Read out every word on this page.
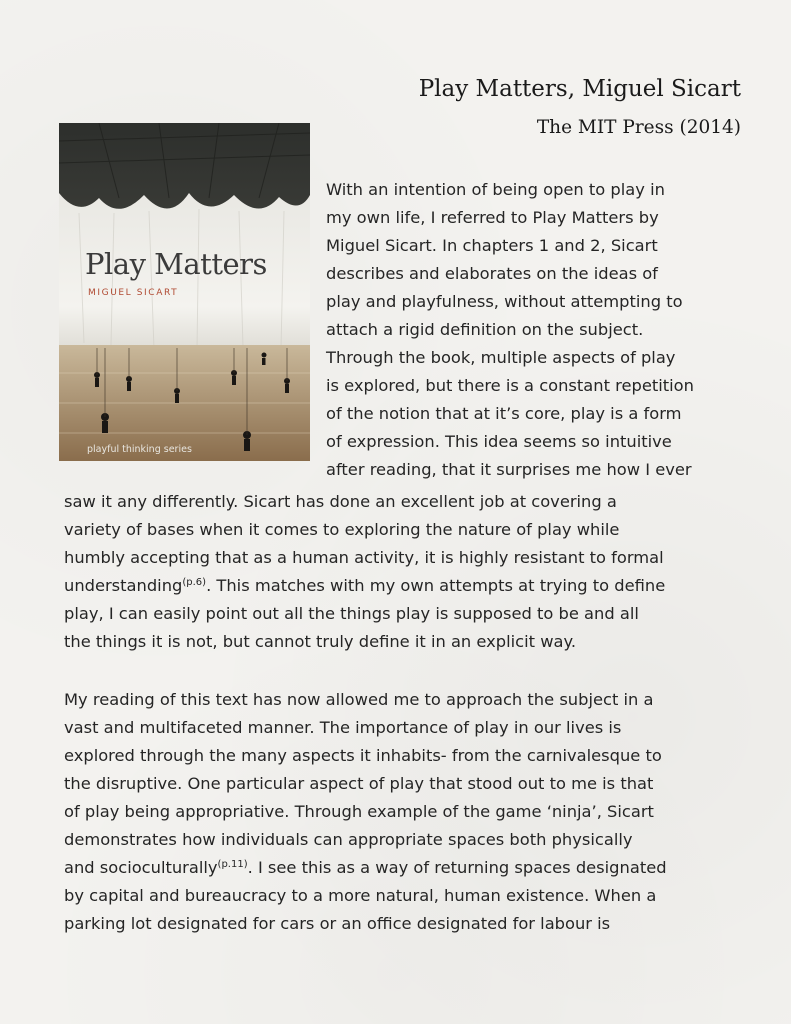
Play Matters, Miguel Sicart
The MIT Press (2014)
Play Matters
MIGUEL SICART
playful thinking series
With an intention of being open to play in
my own life, I referred to Play Matters by
Miguel Sicart. In chapters 1 and 2, Sicart
describes and elaborates on the ideas of
play and playfulness, without attempting to
attach a rigid definition on the subject.
Through the book, multiple aspects of play
is explored, but there is a constant repetition
of the notion that at it’s core, play is a form
of expression. This idea seems so intuitive
after reading, that it surprises me how I ever
saw it any differently. Sicart has done an excellent job at covering a
variety of bases when it comes to exploring the nature of play while
humbly accepting that as a human activity, it is highly resistant to formal
understanding$^{(p.6)}$. This matches with my own attempts at trying to define
play, I can easily point out all the things play is supposed to be and all
the things it is not, but cannot truly define it in an explicit way.
My reading of this text has now allowed me to approach the subject in a
vast and multifaceted manner. The importance of play in our lives is
explored through the many aspects it inhabits- from the carnivalesque to
the disruptive. One particular aspect of play that stood out to me is that
of play being appropriative. Through example of the game ‘ninja’, Sicart
demonstrates how individuals can appropriate spaces both physically
and socioculturally$^{(p.11)}$. I see this as a way of returning spaces designated
by capital and bureaucracy to a more natural, human existence. When a
parking lot designated for cars or an office designated for labour is
